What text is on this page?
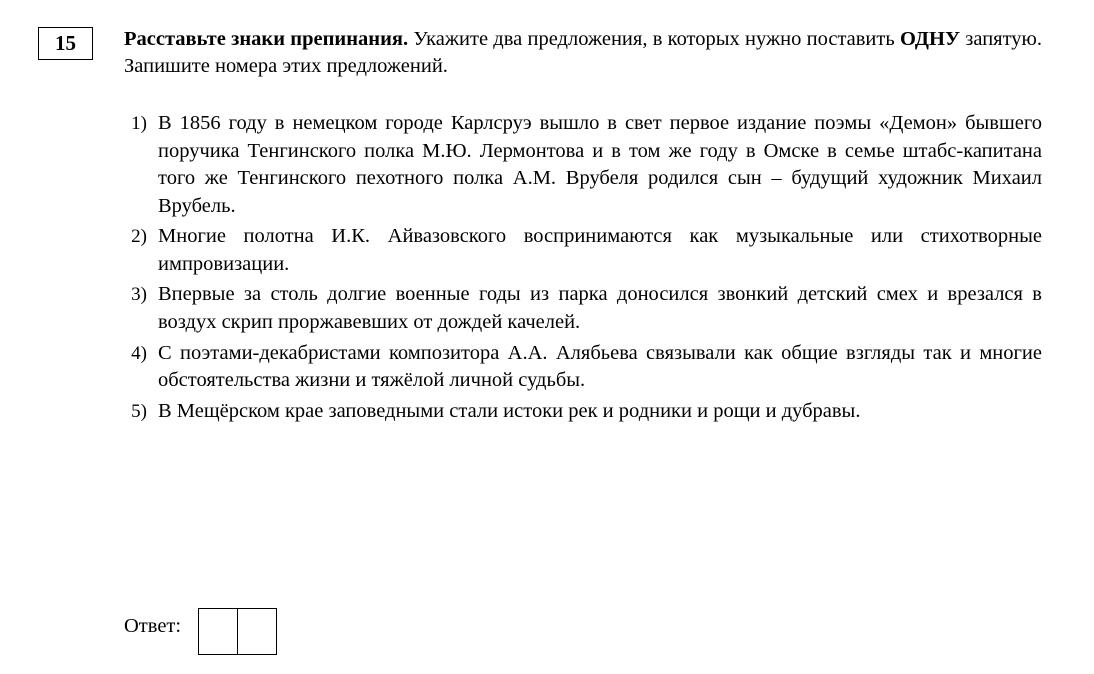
15 Расставьте знаки препинания. Укажите два предложения, в которых нужно поставить ОДНУ запятую. Запишите номера этих предложений.
1) В 1856 году в немецком городе Карлсруэ вышло в свет первое издание поэмы «Демон» бывшего поручика Тенгинского полка М.Ю. Лермонтова и в том же году в Омске в семье штабс-капитана того же Тенгинского пехотного полка А.М. Врубеля родился сын – будущий художник Михаил Врубель.
2) Многие полотна И.К. Айвазовского воспринимаются как музыкальные или стихотворные импровизации.
3) Впервые за столь долгие военные годы из парка доносился звонкий детский смех и врезался в воздух скрип проржавевших от дождей качелей.
4) С поэтами-декабристами композитора А.А. Алябьева связывали как общие взгляды так и многие обстоятельства жизни и тяжёлой личной судьбы.
5) В Мещёрском крае заповедными стали истоки рек и родники и рощи и дубравы.
Ответ:
